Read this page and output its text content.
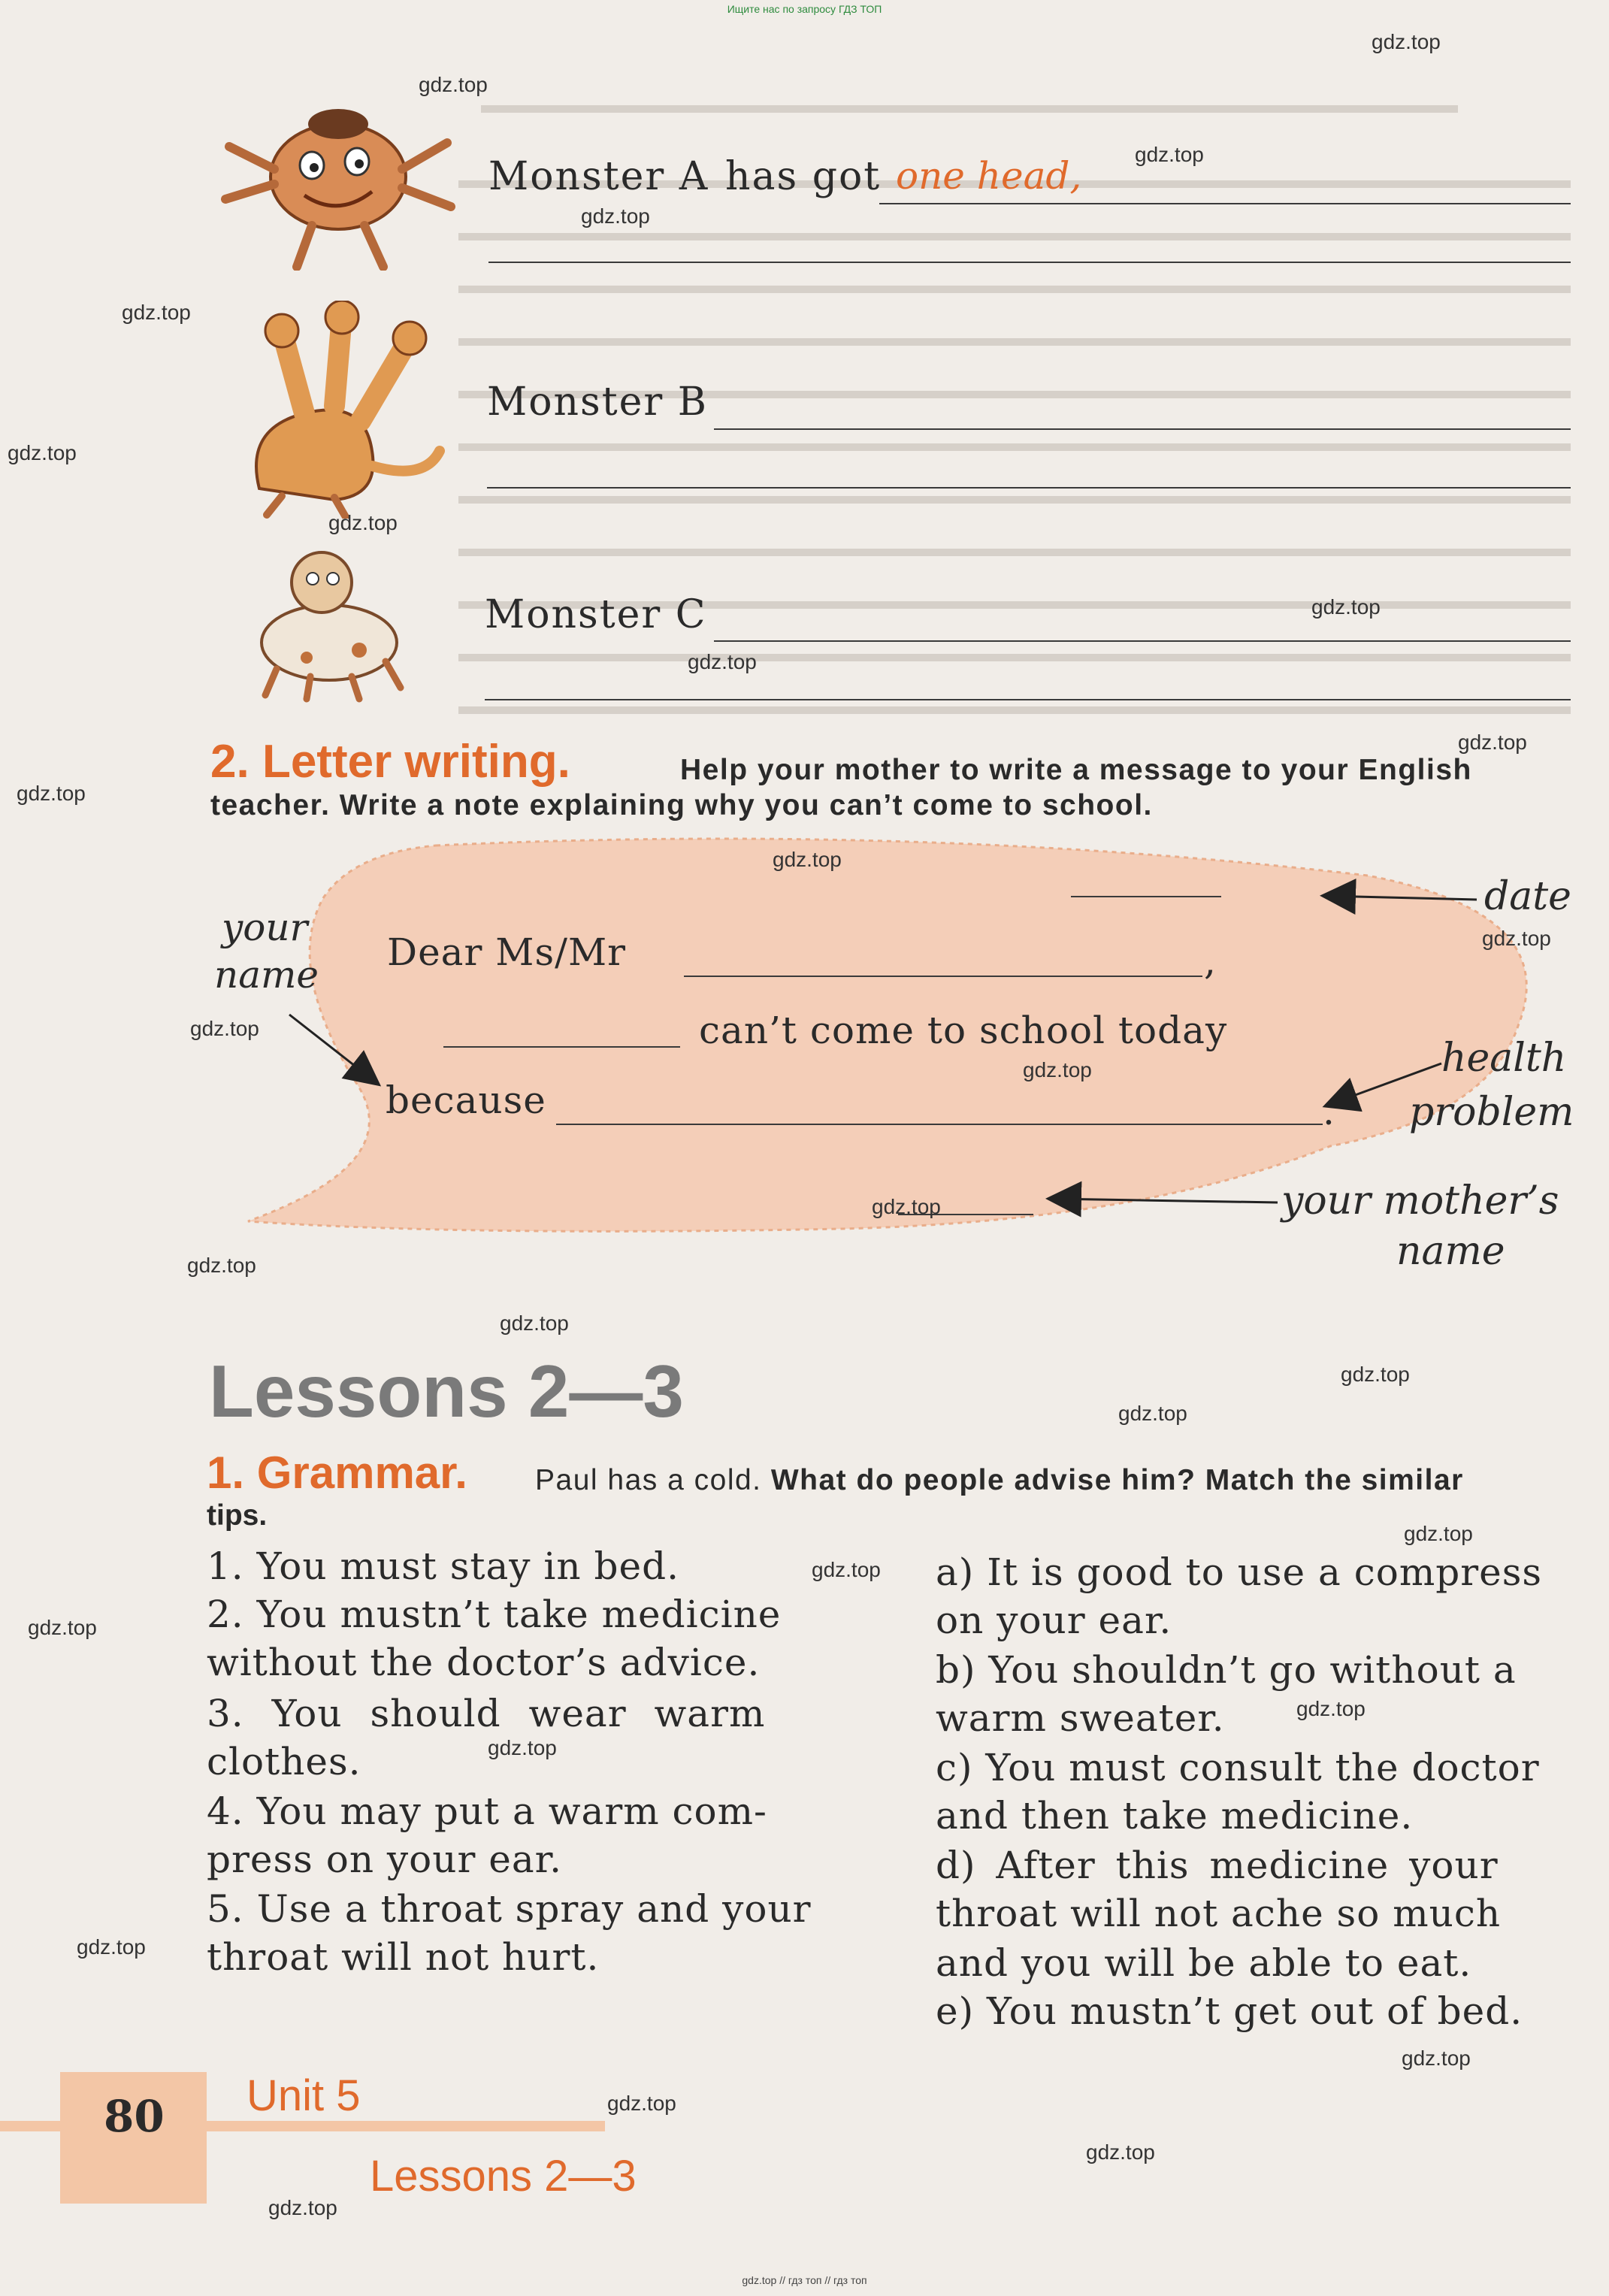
Ищите нас по запросу ГДЗ ТОП
Monster A has got one head,
Monster B
Monster C
2. Letter writing.	Help your mother to write a message to your English
teacher. Write a note explaining why you can’t come to school.
your
name
Dear Ms/Mr	,
can’t come to school today
because	.
date
health
problem
your mother’s
name
Lessons 2—3
1. Grammar. Paul has a cold. What do people advise him? Match the similar
tips.
1. You must stay in bed.
2. You mustn’t take medicine
without the doctor’s advice.
3. You should wear warm
clothes.
4. You may put a warm com-
press on your ear.
5. Use a throat spray and your
throat will not hurt.
a) It is good to use a compress
on your ear.
b) You shouldn’t go without a
warm sweater.
c) You must consult the doctor
and then take medicine.
d) After this medicine your
throat will not ache so much
and you will be able to eat.
e) You mustn’t get out of bed.
80 Unit 5
Lessons 2—3
gdz.top // гдз топ // гдз топ
gdz.top
gdz.top
gdz.top
gdz.top
gdz.top
gdz.top
gdz.top
gdz.top
gdz.top
gdz.top
gdz.top
gdz.top
gdz.top
gdz.top
gdz.top
gdz.top
gdz.top
gdz.top
gdz.top
gdz.top
gdz.top
gdz.top
gdz.top
gdz.top
gdz.top
gdz.top
gdz.top
gdz.top
gdz.top
gdz.top
